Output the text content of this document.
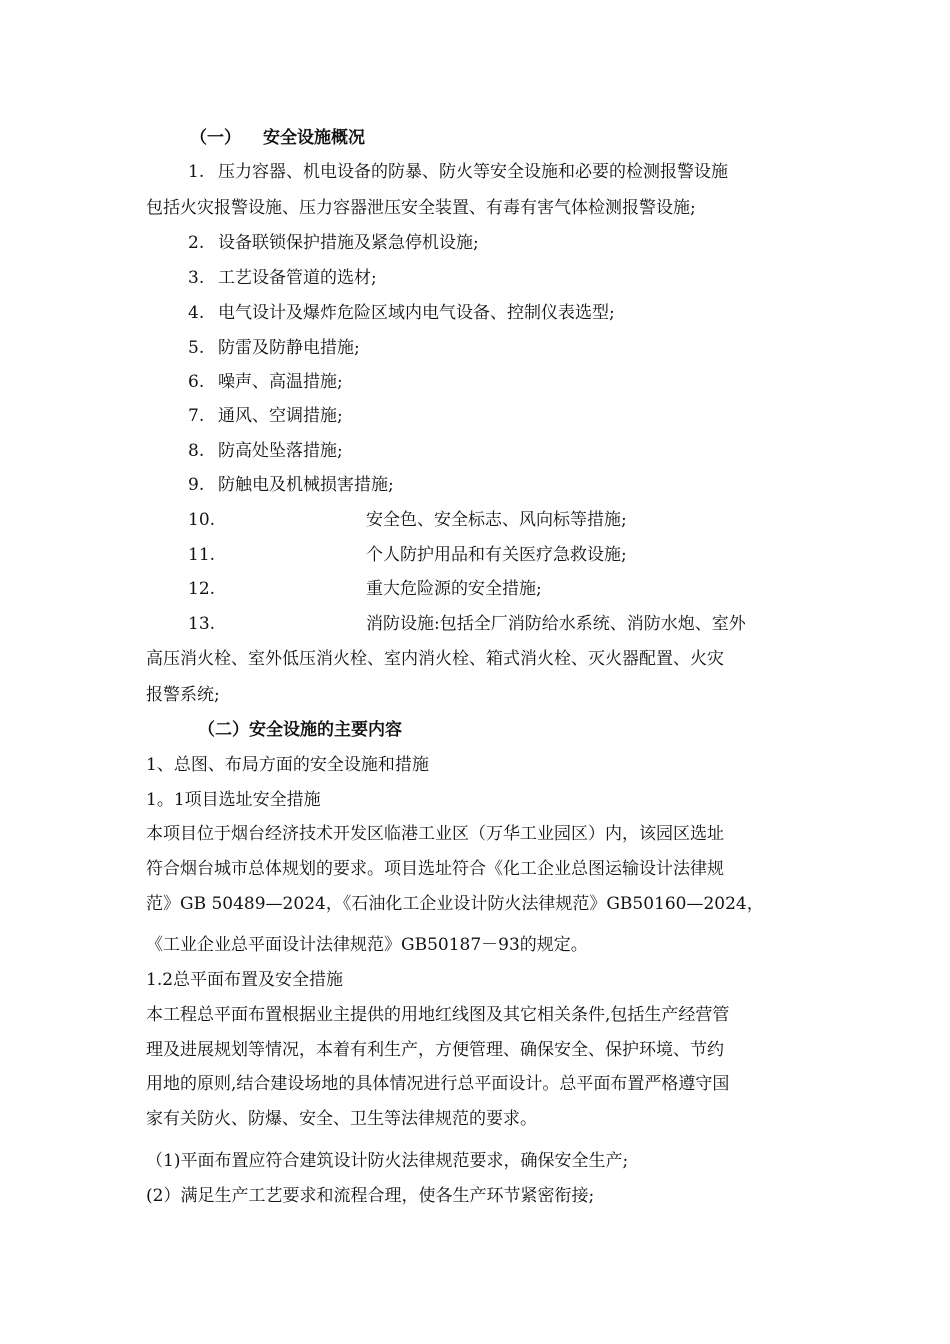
（一） 安全设施概况
1. 压力容器、机电设备的防暴、防火等安全设施和必要的检测报警设施
包括火灾报警设施、压力容器泄压安全装置、有毒有害气体检测报警设施;
2. 设备联锁保护措施及紧急停机设施;
3. 工艺设备管道的选材;
4. 电气设计及爆炸危险区域内电气设备、控制仪表选型;
5. 防雷及防静电措施;
6. 噪声、高温措施;
7. 通风、空调措施;
8. 防高处坠落措施;
9. 防触电及机械损害措施;
10.	安全色、安全标志、风向标等措施;
11.	个人防护用品和有关医疗急救设施;
12.	重大危险源的安全措施;
13.	消防设施:包括全厂消防给水系统、消防水炮、室外
高压消火栓、室外低压消火栓、室内消火栓、箱式消火栓、灭火器配置、火灾
报警系统;
（二）安全设施的主要内容
1、总图、布局方面的安全设施和措施
1。1项目选址安全措施
本项目位于烟台经济技术开发区临港工业区（万华工业园区）内，该园区选址
符合烟台城市总体规划的要求。项目选址符合《化工企业总图运输设计法律规
范》GB 50489—2024，《石油化工企业设计防火法律规范》GB50160—2024，
《工业企业总平面设计法律规范》GB50187－93的规定。
1.2总平面布置及安全措施
本工程总平面布置根据业主提供的用地红线图及其它相关条件,包括生产经营管
理及进展规划等情况，本着有利生产，方便管理、确保安全、保护环境、节约
用地的原则,结合建设场地的具体情况进行总平面设计。总平面布置严格遵守国
家有关防火、防爆、安全、卫生等法律规范的要求。
（1)平面布置应符合建筑设计防火法律规范要求，确保安全生产;
(2）满足生产工艺要求和流程合理，使各生产环节紧密衔接;
